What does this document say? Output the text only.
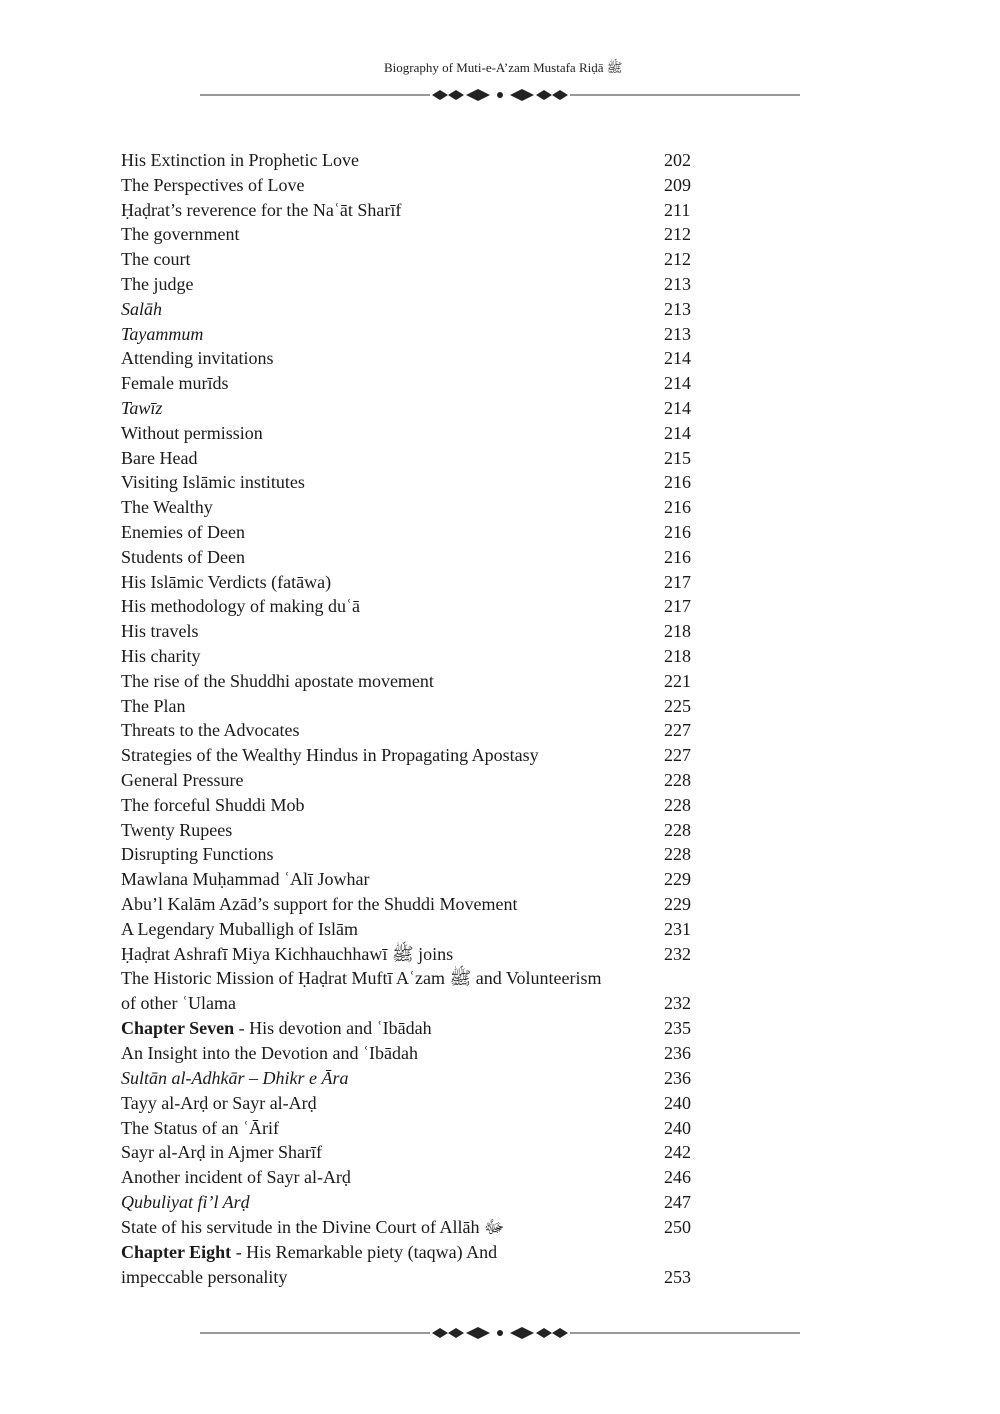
Biography of Muti-e-A’zam Mustafa Riḍā ﷺ
His Extinction in Prophetic Love	202
The Perspectives of Love	209
Ḥaḍrat’s reverence for the Naʿāt Sharīf	211
The government	212
The court	212
The judge	213
Salāh	213
Tayammum	213
Attending invitations	214
Female murīds	214
Tawīz	214
Without permission	214
Bare Head	215
Visiting Islāmic institutes	216
The Wealthy	216
Enemies of Deen	216
Students of Deen	216
His Islāmic Verdicts (fatāwa)	217
His methodology of making duʿā	217
His travels	218
His charity	218
The rise of the Shuddhi apostate movement	221
The Plan	225
Threats to the Advocates	227
Strategies of the Wealthy Hindus in Propagating Apostasy	227
General Pressure	228
The forceful Shuddi Mob	228
Twenty Rupees	228
Disrupting Functions	228
Mawlana Muḥammad ʿAlī Jowhar	229
Abu’l Kalām Azād’s support for the Shuddi Movement	229
A Legendary Muballigh of Islām	231
Ḥaḍrat Ashrafī Miya Kichhauchhawī ﷺ joins	232
The Historic Mission of Ḥaḍrat Muftī Aʿzam ﷺ and Volunteerism
of other ʿUlama	232
Chapter Seven - His devotion and ʿIbādah	235
An Insight into the Devotion and ʿIbādah	236
Sultān al-Adhkār – Dhikr e Āra	236
Tayy al-Arḍ or Sayr al-Arḍ	240
The Status of an ʿĀrif	240
Sayr al-Arḍ in Ajmer Sharīf	242
Another incident of Sayr al-Arḍ	246
Qubuliyat fi’l Arḍ	247
State of his servitude in the Divine Court of Allāh ﷻ	250
Chapter Eight - His Remarkable piety (taqwa) And
impeccable personality	253
